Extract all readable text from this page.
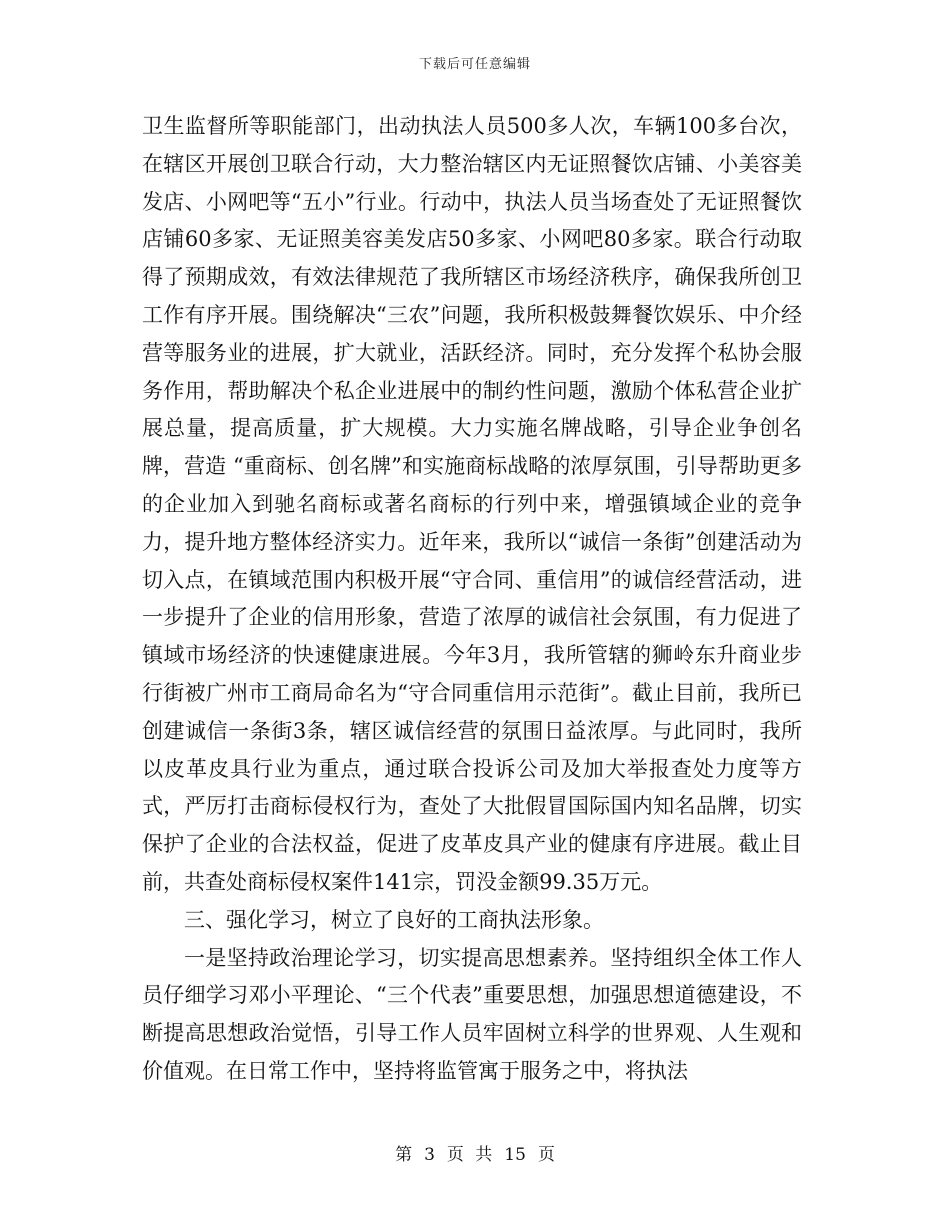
下载后可任意编辑

卫生监督所等职能部门，出动执法人员500多人次，车辆100多台次，在辖区开展创卫联合行动，大力整治辖区内无证照餐饮店铺、小美容美发店、小网吧等“五小”行业。行动中，执法人员当场查处了无证照餐饮店铺60多家、无证照美容美发店50多家、小网吧80多家。联合行动取得了预期成效，有效法律规范了我所辖区市场经济秩序，确保我所创卫工作有序开展。围绕解决“三农”问题，我所积极鼓舞餐饮娱乐、中介经营等服务业的进展，扩大就业，活跃经济。同时，充分发挥个私协会服务作用，帮助解决个私企业进展中的制约性问题，激励个体私营企业扩展总量，提高质量，扩大规模。大力实施名牌战略，引导企业争创名牌，营造 “重商标、创名牌”和实施商标战略的浓厚氛围，引导帮助更多的企业加入到驰名商标或著名商标的行列中来，增强镇域企业的竞争力，提升地方整体经济实力。近年来，我所以“诚信一条街”创建活动为切入点，在镇域范围内积极开展“守合同、重信用”的诚信经营活动，进一步提升了企业的信用形象，营造了浓厚的诚信社会氛围，有力促进了镇域市场经济的快速健康进展。今年3月，我所管辖的狮岭东升商业步行街被广州市工商局命名为“守合同重信用示范街”。截止目前，我所已创建诚信一条街3条，辖区诚信经营的氛围日益浓厚。与此同时，我所以皮革皮具行业为重点，通过联合投诉公司及加大举报查处力度等方式，严厉打击商标侵权行为，查处了大批假冒国际国内知名品牌，切实保护了企业的合法权益，促进了皮革皮具产业的健康有序进展。截止目前，共查处商标侵权案件141宗，罚没金额99.35万元。

三、强化学习，树立了良好的工商执法形象。

一是坚持政治理论学习，切实提高思想素养。坚持组织全体工作人员仔细学习邓小平理论、“三个代表”重要思想，加强思想道德建设，不断提高思想政治觉悟，引导工作人员牢固树立科学的世界观、人生观和价值观。在日常工作中，坚持将监管寓于服务之中，将执法

第 3 页 共 15 页
